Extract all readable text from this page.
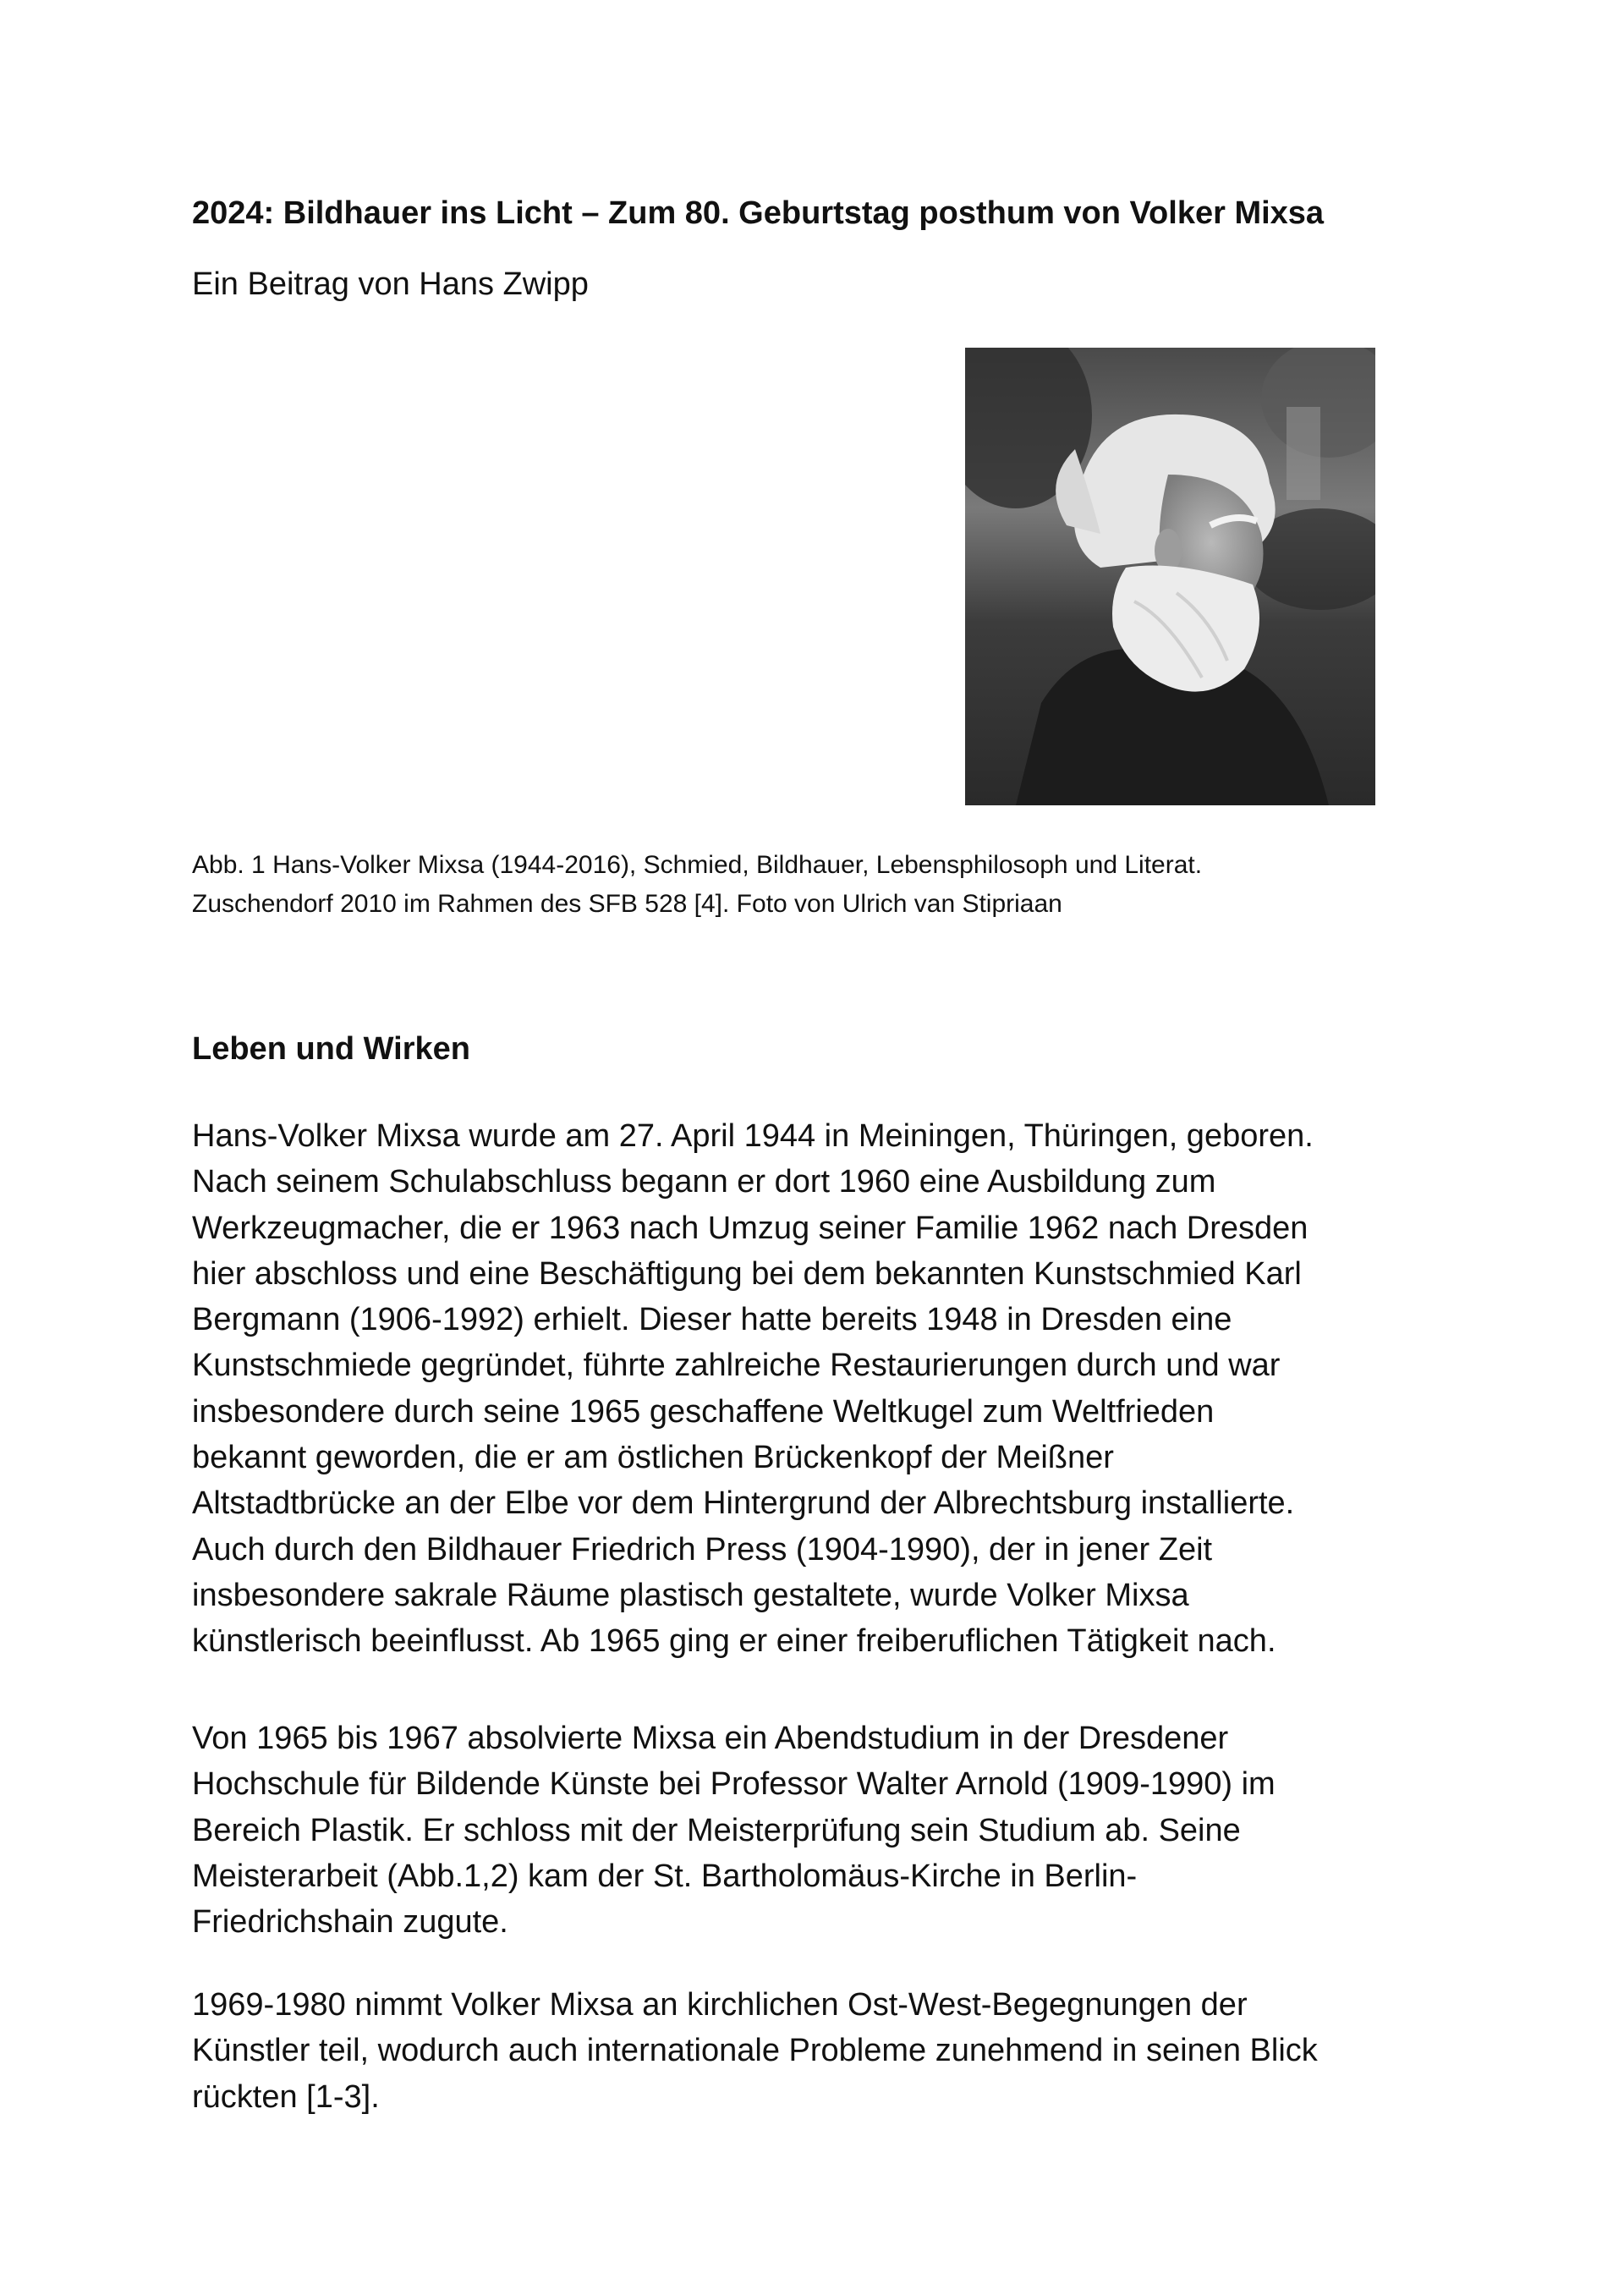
2024: Bildhauer ins Licht – Zum 80. Geburtstag posthum von Volker Mixsa
Ein Beitrag von Hans Zwipp
Abb. 1 Hans-Volker Mixsa (1944-2016), Schmied, Bildhauer, Lebensphilosoph und Literat.
Zuschendorf 2010 im Rahmen des SFB 528 [4]. Foto von Ulrich van Stipriaan
Leben und Wirken
Hans-Volker Mixsa wurde am 27. April 1944 in Meiningen, Thüringen, geboren.
Nach seinem Schulabschluss begann er dort 1960 eine Ausbildung zum
Werkzeugmacher, die er 1963 nach Umzug seiner Familie 1962 nach Dresden
hier abschloss und eine Beschäftigung bei dem bekannten Kunstschmied Karl
Bergmann (1906-1992) erhielt. Dieser hatte bereits 1948 in Dresden eine
Kunstschmiede gegründet, führte zahlreiche Restaurierungen durch und war
insbesondere durch seine 1965 geschaffene Weltkugel zum Weltfrieden
bekannt geworden, die er am östlichen Brückenkopf der Meißner
Altstadtbrücke an der Elbe vor dem Hintergrund der Albrechtsburg installierte.
Auch durch den Bildhauer Friedrich Press (1904-1990), der in jener Zeit
insbesondere sakrale Räume plastisch gestaltete, wurde Volker Mixsa
künstlerisch beeinflusst. Ab 1965 ging er einer freiberuflichen Tätigkeit nach.
Von 1965 bis 1967 absolvierte Mixsa ein Abendstudium in der Dresdener
Hochschule für Bildende Künste bei Professor Walter Arnold (1909-1990) im
Bereich Plastik. Er schloss mit der Meisterprüfung sein Studium ab. Seine
Meisterarbeit (Abb.1,2) kam der St. Bartholomäus-Kirche in Berlin-
Friedrichshain zugute.
1969-1980 nimmt Volker Mixsa an kirchlichen Ost-West-Begegnungen der
Künstler teil, wodurch auch internationale Probleme zunehmend in seinen Blick
rückten [1-3].
